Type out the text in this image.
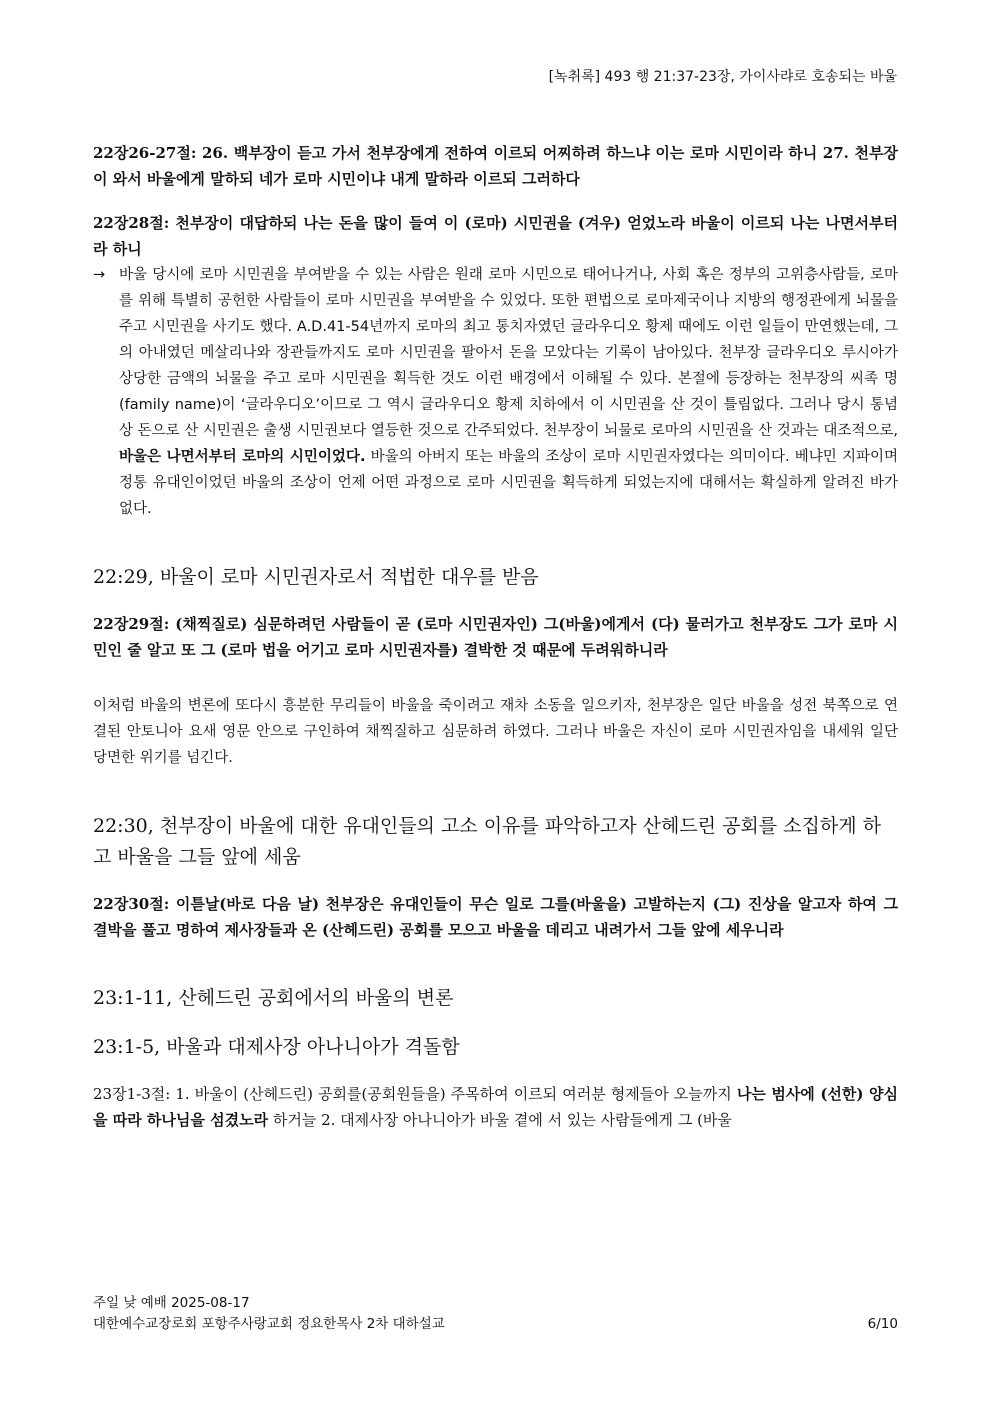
[녹취록] 493 행 21:37-23장, 가이사랴로 호송되는 바울

22장26-27절: 26. 백부장이 듣고 가서 천부장에게 전하여 이르되 어찌하려 하느냐 이는 로마 시민이라 하니 27. 천부장이 와서 바울에게 말하되 네가 로마 시민이냐 내게 말하라 이르되 그러하다

22장28절: 천부장이 대답하되 나는 돈을 많이 들여 이 (로마) 시민권을 (겨우) 얻었노라 바울이 이르되 나는 나면서부터라 하니

→ 바울 당시에 로마 시민권을 부여받을 수 있는 사람은 원래 로마 시민으로 태어나거나, 사회 혹은 정부의 고위층사람들, 로마를 위해 특별히 공헌한 사람들이 로마 시민권을 부여받을 수 있었다. 또한 편법으로 로마제국이나 지방의 행정관에게 뇌물을 주고 시민권을 사기도 했다. A.D.41-54년까지 로마의 최고 통치자였던 글라우디오 황제 때에도 이런 일들이 만연했는데, 그의 아내였던 메살리나와 장관들까지도 로마 시민권을 팔아서 돈을 모았다는 기록이 남아있다. 천부장 글라우디오 루시아가 상당한 금액의 뇌물을 주고 로마 시민권을 획득한 것도 이런 배경에서 이해될 수 있다. 본절에 등장하는 천부장의 씨족 명(family name)이 ‘글라우디오’이므로 그 역시 글라우디오 황제 치하에서 이 시민권을 산 것이 틀림없다. 그러나 당시 통념상 돈으로 산 시민권은 출생 시민권보다 열등한 것으로 간주되었다. 천부장이 뇌물로 로마의 시민권을 산 것과는 대조적으로, 바울은 나면서부터 로마의 시민이었다. 바울의 아버지 또는 바울의 조상이 로마 시민권자였다는 의미이다. 베냐민 지파이며 정통 유대인이었던 바울의 조상이 언제 어떤 과정으로 로마 시민권을 획득하게 되었는지에 대해서는 확실하게 알려진 바가 없다.
22:29, 바울이 로마 시민권자로서 적법한 대우를 받음

22장29절: (채찍질로) 심문하려던 사람들이 곧 (로마 시민권자인) 그(바울)에게서 (다) 물러가고 천부장도 그가 로마 시민인 줄 알고 또 그 (로마 법을 어기고 로마 시민권자를) 결박한 것 때문에 두려워하니라

이처럼 바울의 변론에 또다시 흥분한 무리들이 바울을 죽이려고 재차 소동을 일으키자, 천부장은 일단 바울을 성전 북쪽으로 연결된 안토니아 요새 영문 안으로 구인하여 채찍질하고 심문하려 하였다. 그러나 바울은 자신이 로마 시민권자임을 내세워 일단 당면한 위기를 넘긴다.

22:30, 천부장이 바울에 대한 유대인들의 고소 이유를 파악하고자 산헤드린 공회를 소집하게 하고 바울을 그들 앞에 세움

22장30절: 이튿날(바로 다음 날) 천부장은 유대인들이 무슨 일로 그를(바울을) 고발하는지 (그) 진상을 알고자 하여 그 결박을 풀고 명하여 제사장들과 온 (산헤드린) 공회를 모으고 바울을 데리고 내려가서 그들 앞에 세우니라

23:1-11, 산헤드린 공회에서의 바울의 변론
23:1-5, 바울과 대제사장 아나니아가 격돌함

23장1-3절: 1. 바울이 (산헤드린) 공회를(공회원들을) 주목하여 이르되 여러분 형제들아 오늘까지 나는 범사에 (선한) 양심을 따라 하나님을 섬겼노라 하거늘 2. 대제사장 아나니아가 바울 곁에 서 있는 사람들에게 그 (바울

주일 낮 예배 2025-08-17
대한예수교장로회 포항주사랑교회 정요한목사 2차 대하설교	6/10
